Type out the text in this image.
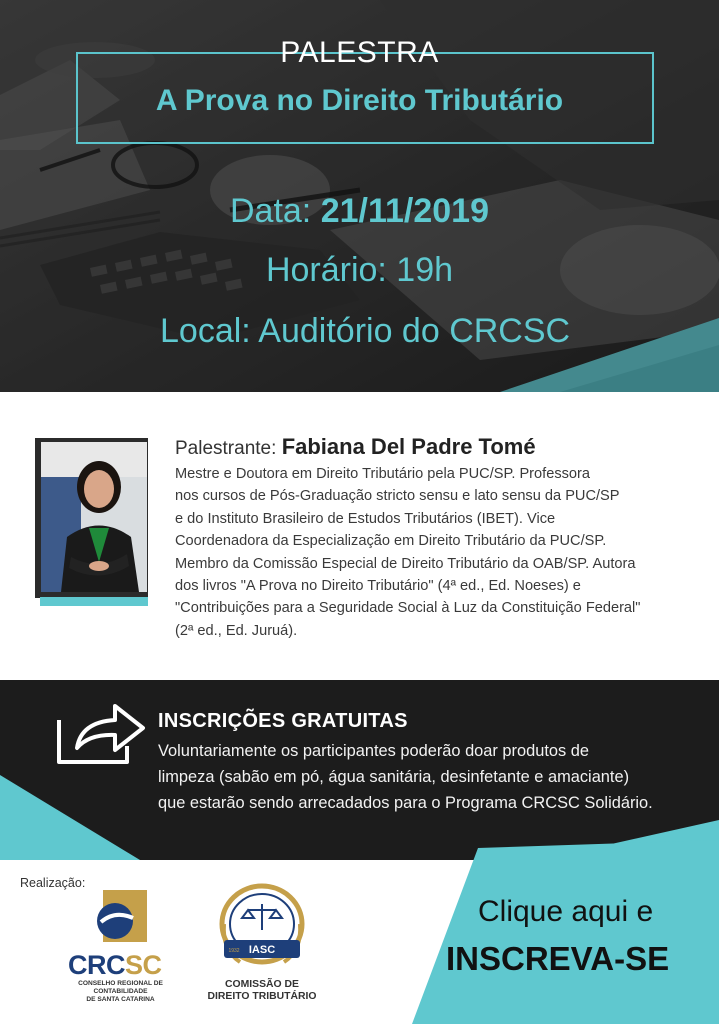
PALESTRA
A Prova no Direito Tributário
Data: 21/11/2019
Horário: 19h
Local: Auditório do CRCSC
Palestrante: Fabiana Del Padre Tomé
Mestre e Doutora em Direito Tributário pela PUC/SP. Professora
nos cursos de Pós-Graduação stricto sensu e lato sensu da PUC/SP
e do Instituto Brasileiro de Estudos Tributários (IBET). Vice
Coordenadora da Especialização em Direito Tributário da PUC/SP.
Membro da Comissão Especial de Direito Tributário da OAB/SP. Autora
dos livros "A Prova no Direito Tributário" (4ª ed., Ed. Noeses) e
"Contribuições para a Seguridade Social à Luz da Constituição Federal"
(2ª ed., Ed. Juruá).
INSCRIÇÕES GRATUITAS
Voluntariamente os participantes poderão doar produtos de
limpeza (sabão em pó, água sanitária, desinfetante e amaciante)
que estarão sendo arrecadados para o Programa CRCSC Solidário.
Realização:
CRCSC
CONSELHO REGIONAL DE CONTABILIDADE
DE SANTA CATARINA
IASC
1932
COMISSÃO DE
DIREITO TRIBUTÁRIO
Clique aqui e
INSCREVA-SE
